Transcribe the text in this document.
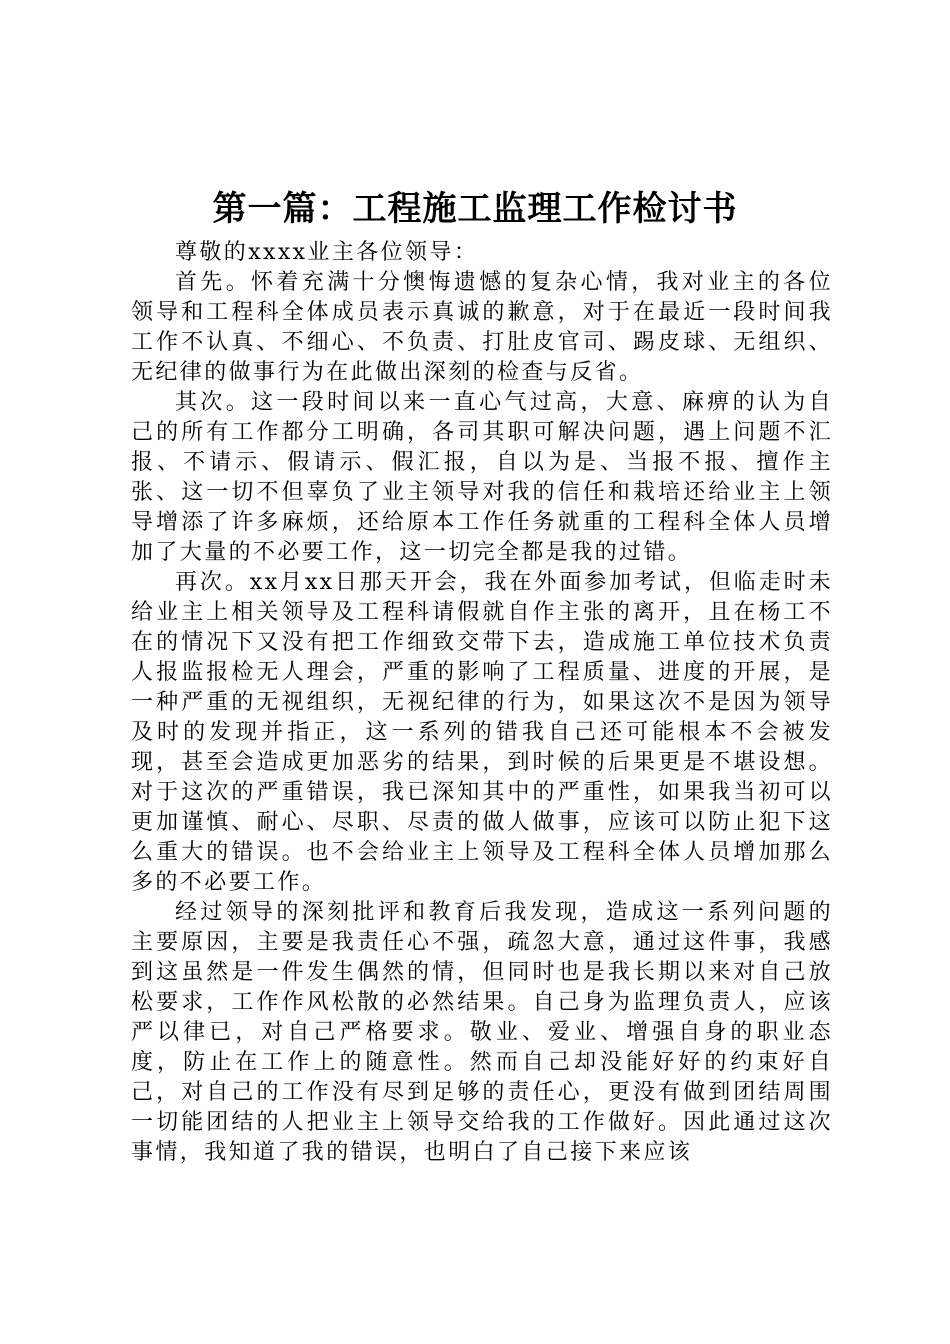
第一篇：工程施工监理工作检讨书

尊敬的xxxx业主各位领导：

首先。怀着充满十分懊悔遗憾的复杂心情，我对业主的各位领导和工程科全体成员表示真诚的歉意，对于在最近一段时间我工作不认真、不细心、不负责、打肚皮官司、踢皮球、无组织、无纪律的做事行为在此做出深刻的检查与反省。

其次。这一段时间以来一直心气过高，大意、麻痹的认为自己的所有工作都分工明确，各司其职可解决问题，遇上问题不汇报、不请示、假请示、假汇报，自以为是、当报不报、擅作主张、这一切不但辜负了业主领导对我的信任和栽培还给业主上领导增添了许多麻烦，还给原本工作任务就重的工程科全体人员增加了大量的不必要工作，这一切完全都是我的过错。

再次。xx月xx日那天开会，我在外面参加考试，但临走时未给业主上相关领导及工程科请假就自作主张的离开，且在杨工不在的情况下又没有把工作细致交带下去，造成施工单位技术负责人报监报检无人理会，严重的影响了工程质量、进度的开展，是一种严重的无视组织，无视纪律的行为，如果这次不是因为领导及时的发现并指正，这一系列的错我自己还可能根本不会被发现，甚至会造成更加恶劣的结果，到时候的后果更是不堪设想。对于这次的严重错误，我已深知其中的严重性，如果我当初可以更加谨慎、耐心、尽职、尽责的做人做事，应该可以防止犯下这么重大的错误。也不会给业主上领导及工程科全体人员增加那么多的不必要工作。

经过领导的深刻批评和教育后我发现，造成这一系列问题的主要原因，主要是我责任心不强，疏忽大意，通过这件事，我感到这虽然是一件发生偶然的情，但同时也是我长期以来对自己放松要求，工作作风松散的必然结果。自己身为监理负责人，应该严以律已，对自己严格要求。敬业、爱业、增强自身的职业态度，防止在工作上的随意性。然而自己却没能好好的约束好自己，对自己的工作没有尽到足够的责任心，更没有做到团结周围一切能团结的人把业主上领导交给我的工作做好。因此通过这次事情，我知道了我的错误，也明白了自己接下来应该
